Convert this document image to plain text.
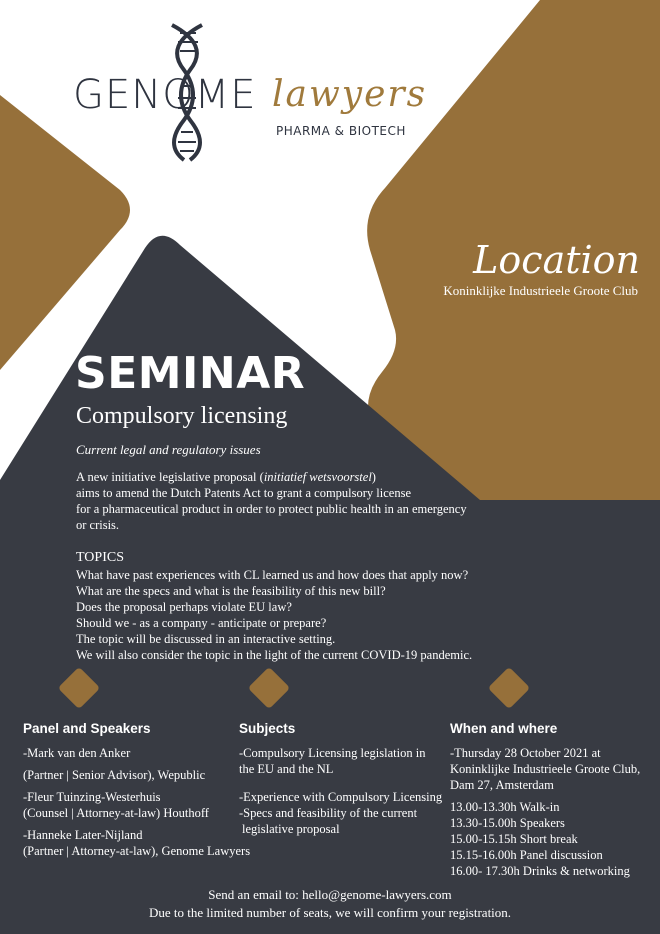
GENOME lawyers
PHARMA & BIOTECH
Location
Koninklijke Industrieele Groote Club
SEMINAR
Compulsory licensing
Current legal and regulatory issues

A new initiative legislative proposal (initiatief wetsvoorstel)

aims to amend the Dutch Patents Act to grant a compulsory license

for a pharmaceutical product in order to protect public health in an emergency

or crisis.

TOPICS

What have past experiences with CL learned us and how does that apply now?

What are the specs and what is the feasibility of this new bill?

Does the proposal perhaps violate EU law?

Should we - as a company - anticipate or prepare?

The topic will be discussed in an interactive setting.

We will also consider the topic in the light of the current COVID-19 pandemic.

Panel and Speakers

-Mark van den Anker

(Partner | Senior Advisor), Wepublic

-Fleur Tuinzing-Westerhuis

(Counsel | Attorney-at-law) Houthoff

-Hanneke Later-Nijland

(Partner | Attorney-at-law), Genome Lawyers

Subjects

-Compulsory Licensing legislation in

the EU and the NL

-Experience with Compulsory Licensing

-Specs and feasibility of the current

legislative proposal

When and where

-Thursday 28 October 2021 at

Koninklijke Industrieele Groote Club,

Dam 27, Amsterdam

13.00-13.30h Walk-in

13.30-15.00h Speakers

15.00-15.15h Short break

15.15-16.00h Panel discussion

16.00- 17.30h Drinks & networking

Send an email to: hello@genome-lawyers.com
Due to the limited number of seats, we will confirm your registration.
